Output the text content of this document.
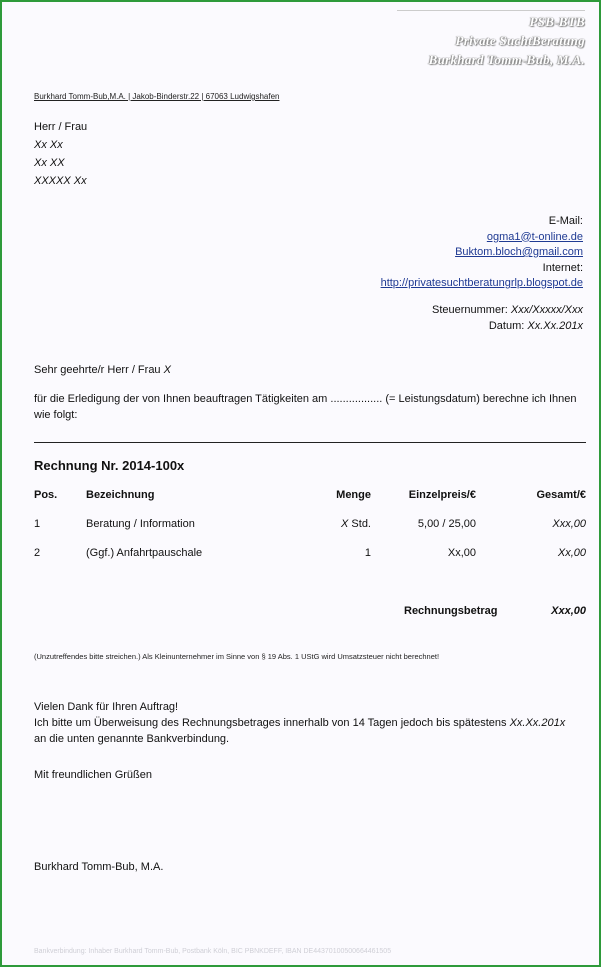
PSB-BTB
Private SuchtBeratung
Burkhard Tomm-Bub, M.A.
Burkhard Tomm-Bub,M.A. | Jakob-Binderstr.22 | 67063 Ludwigshafen
Herr / Frau
Xx Xx
Xx XX
XXXXX Xx
E-Mail:
ogma1@t-online.de
Buktom.bloch@gmail.com
Internet:
http://privatesuchtberatungrlp.blogspot.de
Steuernummer: Xxx/Xxxxx/Xxx
Datum: Xx.Xx.201x
Sehr geehrte/r Herr / Frau X
für die Erledigung der von Ihnen beauftragen Tätigkeiten am ................. (= Leistungsdatum) berechne ich Ihnen wie folgt:
Rechnung Nr. 2014-100x
Pos.	Bezeichnung	Menge	Einzelpreis/€	Gesamt/€
1	Beratung / Information	X Std.	5,00 / 25,00	Xxx,00
2	(Ggf.) Anfahrtpauschale	1	Xx,00	Xx,00
Rechnungsbetrag	Xxx,00
(Unzutreffendes bitte streichen.) Als Kleinunternehmer im Sinne von § 19 Abs. 1 UStG wird Umsatzsteuer nicht berechnet!
Vielen Dank für Ihren Auftrag!
Ich bitte um Überweisung des Rechnungsbetrages innerhalb von 14 Tagen jedoch bis spätestens Xx.Xx.201x
an die unten genannte Bankverbindung.
Mit freundlichen Grüßen
Burkhard Tomm-Bub, M.A.
Bankverbindung: Inhaber Burkhard Tomm-Bub, Postbank Köln, BIC PBNKDEFF, IBAN DE44370100500664461505
